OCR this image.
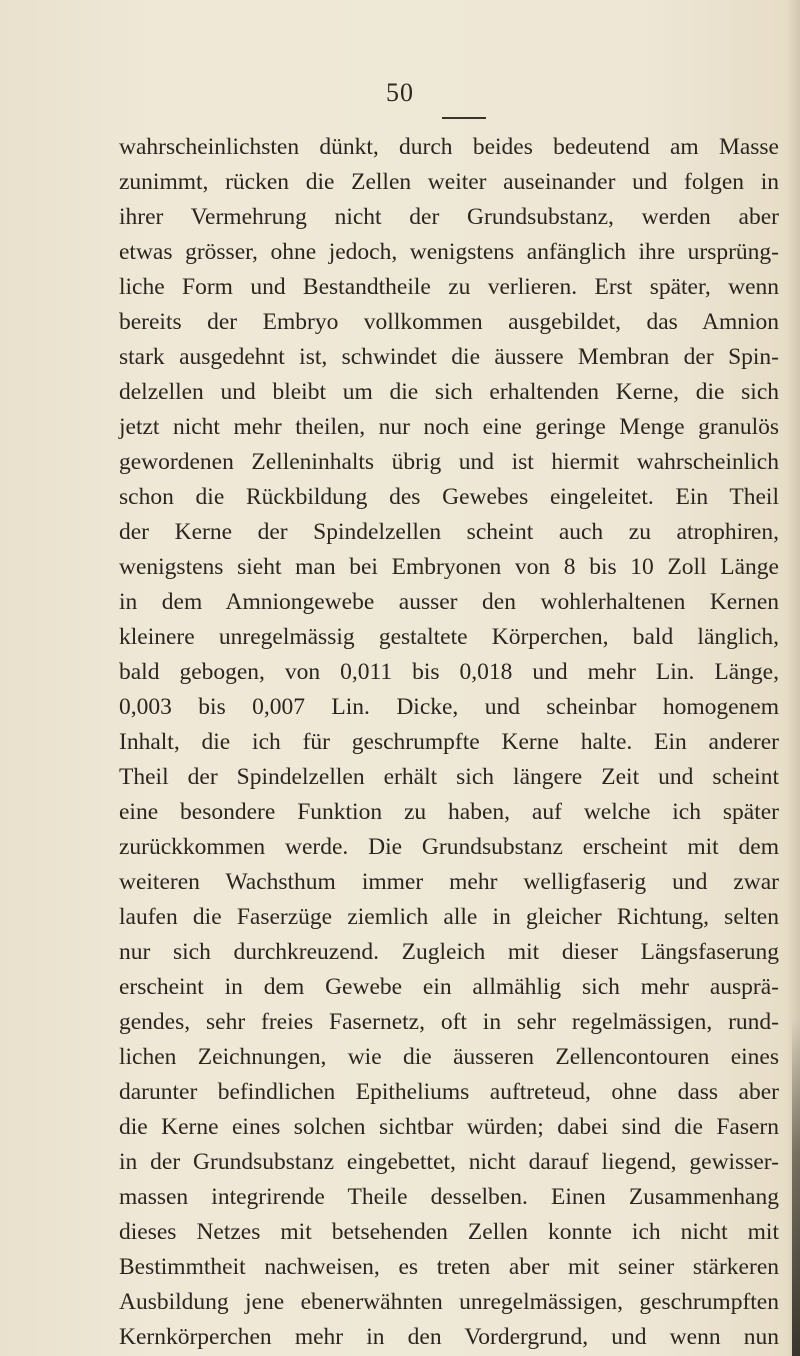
50
wahrscheinlichsten dünkt, durch beides bedeutend am Masse
zunimmt, rücken die Zellen weiter auseinander und folgen in
ihrer Vermehrung nicht der Grundsubstanz, werden aber
etwas grösser, ohne jedoch, wenigstens anfänglich ihre ursprüng-
liche Form und Bestandtheile zu verlieren. Erst später, wenn
bereits der Embryo vollkommen ausgebildet, das Amnion
stark ausgedehnt ist, schwindet die äussere Membran der Spin-
delzellen und bleibt um die sich erhaltenden Kerne, die sich
jetzt nicht mehr theilen, nur noch eine geringe Menge granulös
gewordenen Zelleninhalts übrig und ist hiermit wahrscheinlich
schon die Rückbildung des Gewebes eingeleitet. Ein Theil
der Kerne der Spindelzellen scheint auch zu atrophiren,
wenigstens sieht man bei Embryonen von 8 bis 10 Zoll Länge
in dem Amniongewebe ausser den wohlerhaltenen Kernen
kleinere unregelmässig gestaltete Körperchen, bald länglich,
bald gebogen, von 0,011 bis 0,018 und mehr Lin. Länge,
0,003 bis 0,007 Lin. Dicke, und scheinbar homogenem
Inhalt, die ich für geschrumpfte Kerne halte. Ein anderer
Theil der Spindelzellen erhält sich längere Zeit und scheint
eine besondere Funktion zu haben, auf welche ich später
zurückkommen werde. Die Grundsubstanz erscheint mit dem
weiteren Wachsthum immer mehr welligfaserig und zwar
laufen die Faserzüge ziemlich alle in gleicher Richtung, selten
nur sich durchkreuzend. Zugleich mit dieser Längsfaserung
erscheint in dem Gewebe ein allmählig sich mehr ausprä-
gendes, sehr freies Fasernetz, oft in sehr regelmässigen, rund-
lichen Zeichnungen, wie die äusseren Zellencontouren eines
darunter befindlichen Epitheliums auftreteud, ohne dass aber
die Kerne eines solchen sichtbar würden; dabei sind die Fasern
in der Grundsubstanz eingebettet, nicht darauf liegend, gewisser-
massen integrirende Theile desselben. Einen Zusammenhang
dieses Netzes mit betsehenden Zellen konnte ich nicht mit
Bestimmtheit nachweisen, es treten aber mit seiner stärkeren
Ausbildung jene ebenerwähnten unregelmässigen, geschrumpften
Kernkörperchen mehr in den Vordergrund, und wenn nun
